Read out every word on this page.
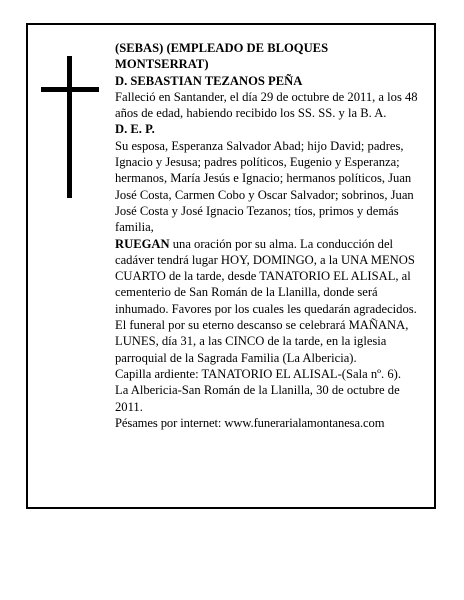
(SEBAS) (EMPLEADO DE BLOQUES MONTSERRAT)

D. SEBASTIAN TEZANOS PEÑA

Falleció en Santander, el día 29 de octubre de 2011, a los 48 años de edad, habiendo recibido los SS. SS. y la B. A.

D. E. P.

Su esposa, Esperanza Salvador Abad; hijo David; padres, Ignacio y Jesusa; padres políticos, Eugenio y Esperanza; hermanos, María Jesús e Ignacio; hermanos políticos, Juan José Costa, Carmen Cobo y Oscar Salvador; sobrinos, Juan José Costa y José Ignacio Tezanos; tíos, primos y demás familia,

RUEGAN una oración por su alma. La conducción del cadáver tendrá lugar HOY, DOMINGO, a la UNA MENOS CUARTO de la tarde, desde TANATORIO EL ALISAL, al cementerio de San Román de la Llanilla, donde será inhumado. Favores por los cuales les quedarán agradecidos. El funeral por su eterno descanso se celebrará MAÑANA, LUNES, día 31, a las CINCO de la tarde, en la iglesia parroquial de la Sagrada Familia (La Albericia).

Capilla ardiente: TANATORIO EL ALISAL-(Sala nº. 6).

La Albericia-San Román de la Llanilla, 30 de octubre de 2011.

Pésames por internet: www.funerarialamontanesa.com
